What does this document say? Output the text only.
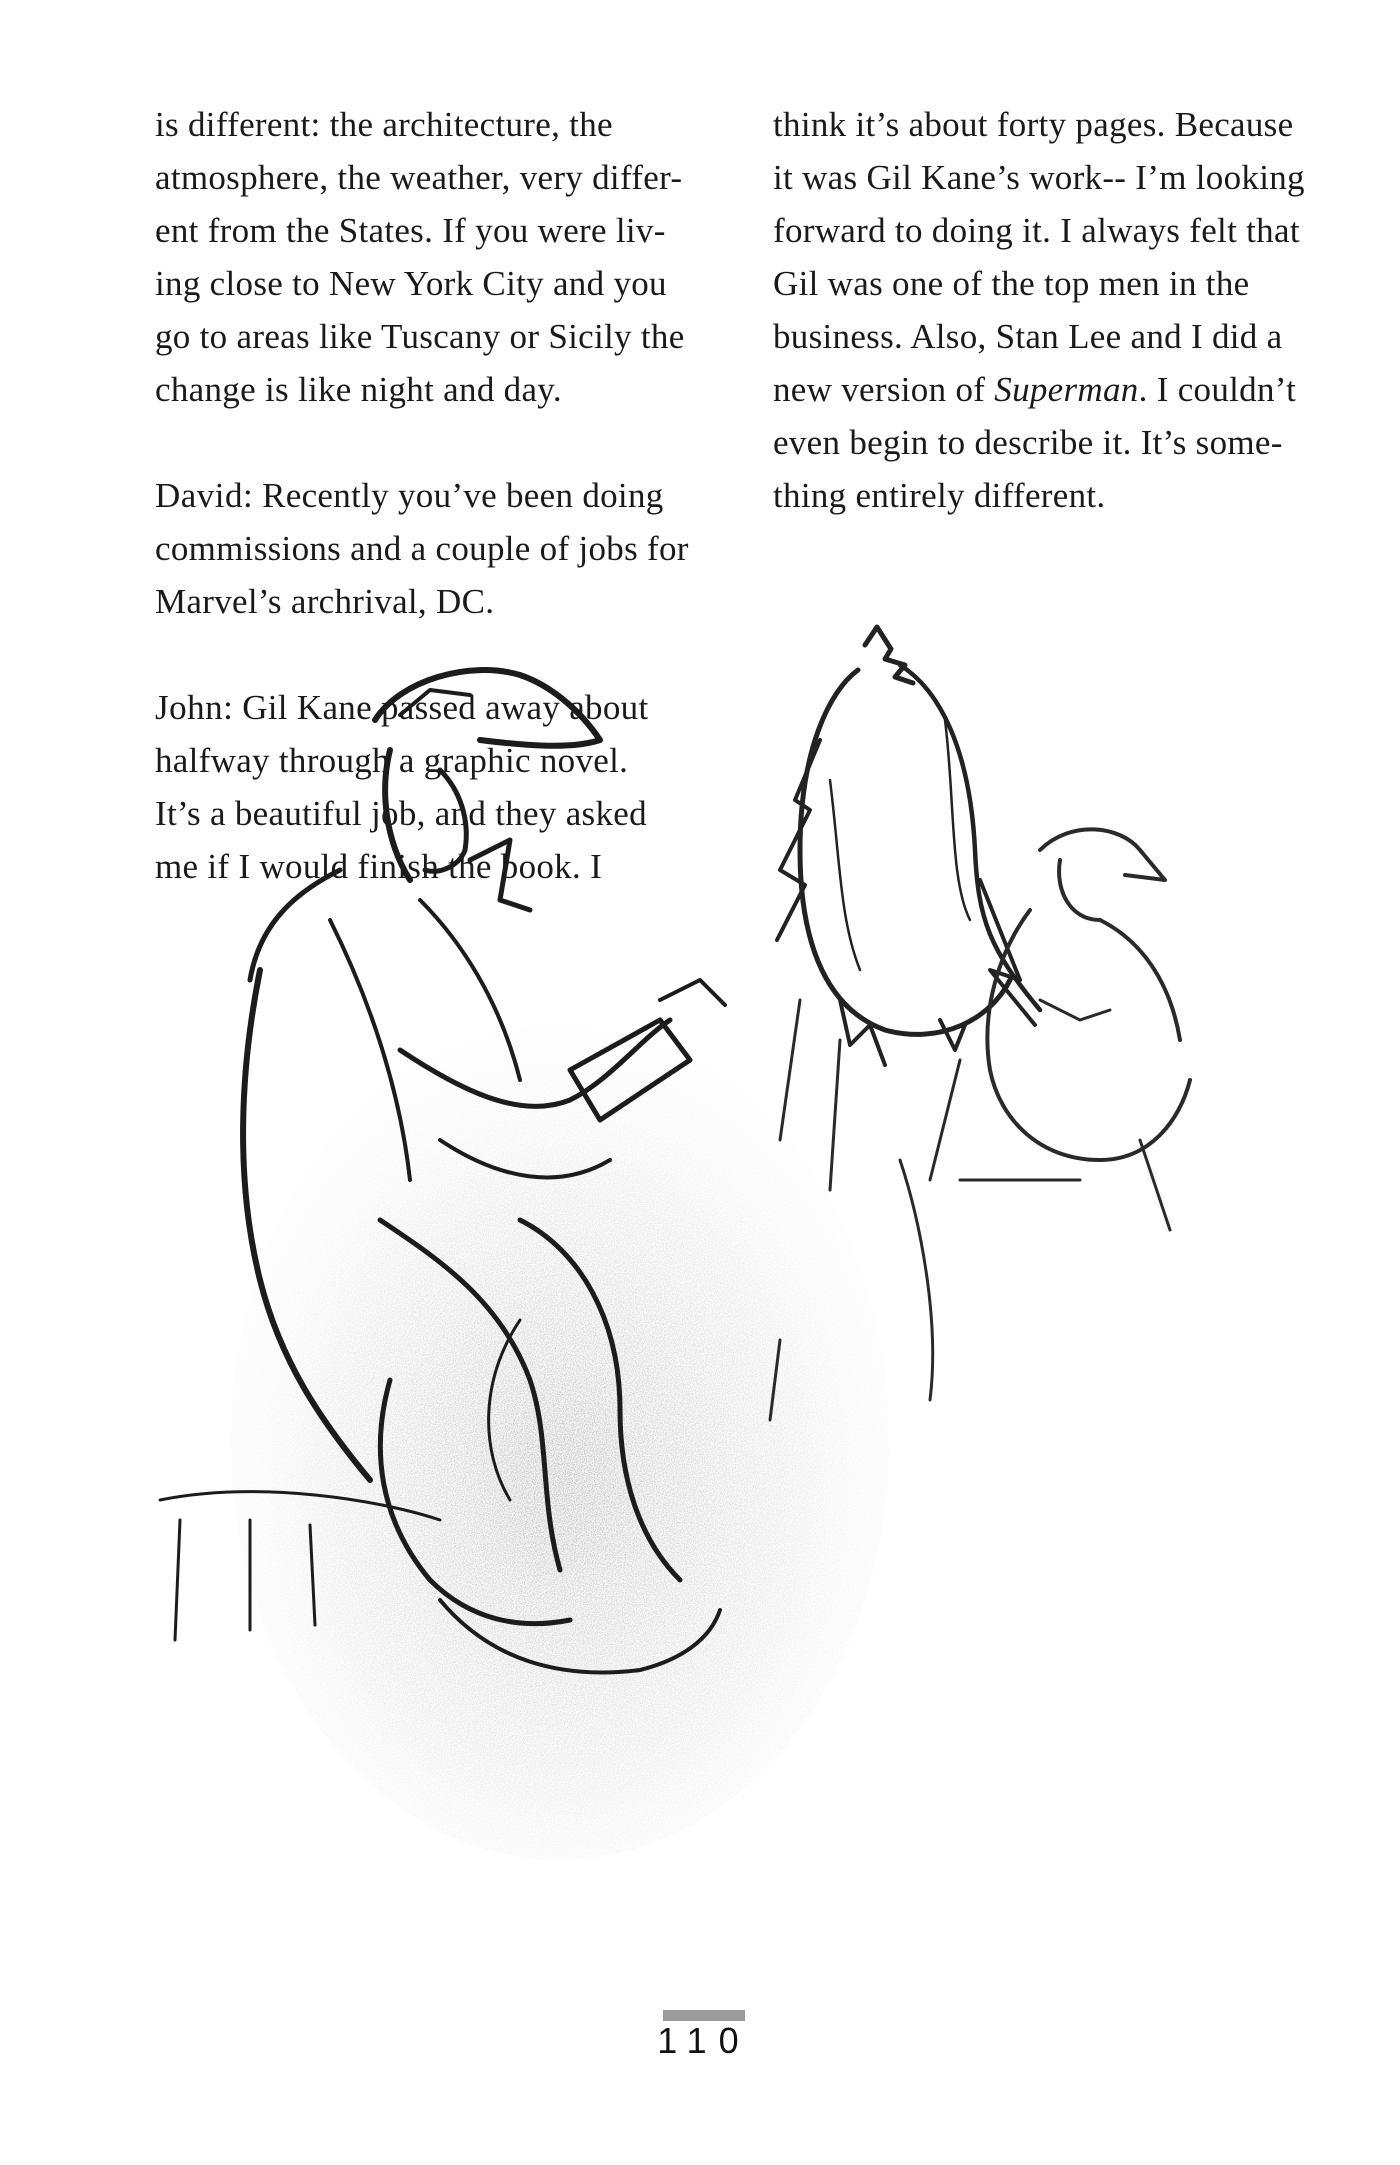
is different: the architecture, the
atmosphere, the weather, very differ-
ent from the States. If you were liv-
ing close to New York City and you
go to areas like Tuscany or Sicily the
change is like night and day.

David: Recently you’ve been doing
commissions and a couple of jobs for
Marvel’s archrival, DC.

John: Gil Kane passed away about
halfway through a graphic novel.
It’s a beautiful job, and they asked
me if I would finish the book. I

think it’s about forty pages. Because
it was Gil Kane’s work-- I’m looking
forward to doing it. I always felt that
Gil was one of the top men in the
business. Also, Stan Lee and I did a
new version of Superman. I couldn’t
even begin to describe it. It’s some-
thing entirely different.

110
